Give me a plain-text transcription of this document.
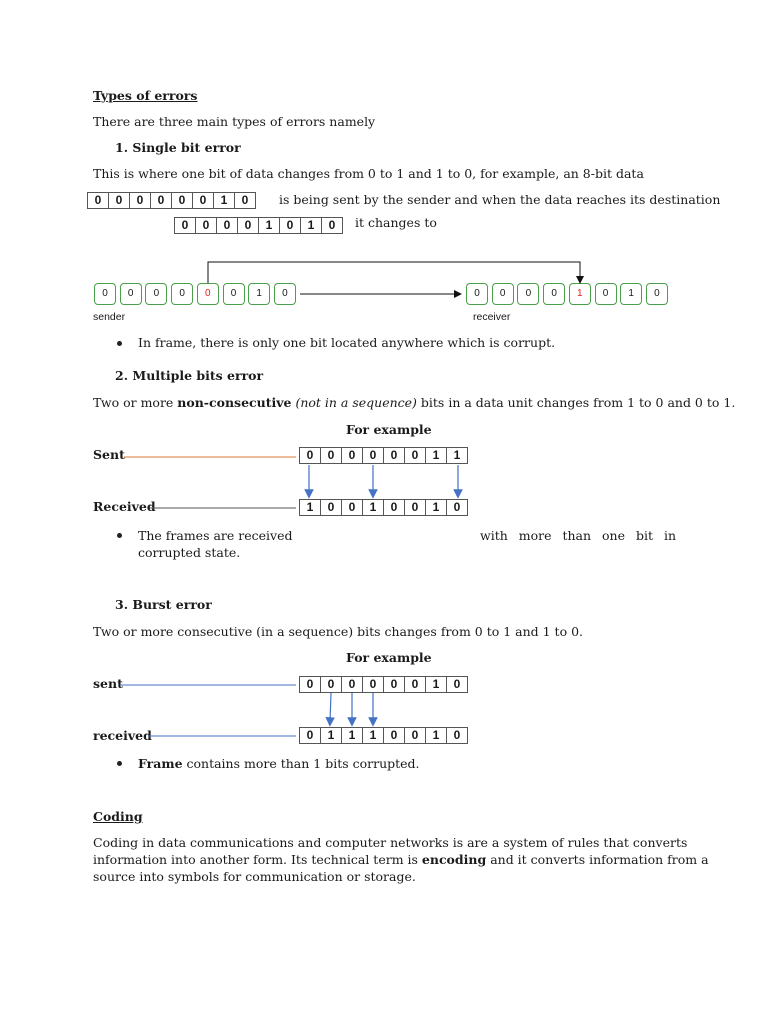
Types of errors
There are three main types of errors namely
1. Single bit error
This is where one bit of data changes from 0 to 1 and 1 to 0, for example, an 8-bit data
0	0	0	0	0	0	1	0	is being sent by the sender and when the data reaches its destination
0	0	0	0	1	0	1	0	it changes to
0	0	0	0	0	0	1	0	0	0	0	0	1	0	1	0
sender	receiver
In frame, there is only one bit located anywhere which is corrupt.
2. Multiple bits error
Two or more non-consecutive (not in a sequence) bits in a data unit changes from 1 to 0 and 0 to 1.
For example
Sent
Received
0	0	0	0	0	0	1	1
1	0	0	1	0	0	1	0
The frames are received	with more than one bit in
corrupted state.
3. Burst error
Two or more consecutive (in a sequence) bits changes from 0 to 1 and 1 to 0.
For example
sent
received
0	0	0	0	0	0	1	0
0	1	1	1	0	0	1	0
Frame contains more than 1 bits corrupted.
Coding
Coding in data communications and computer networks is are a system of rules that converts
information into another form. Its technical term is encoding and it converts information from a
source into symbols for communication or storage.
